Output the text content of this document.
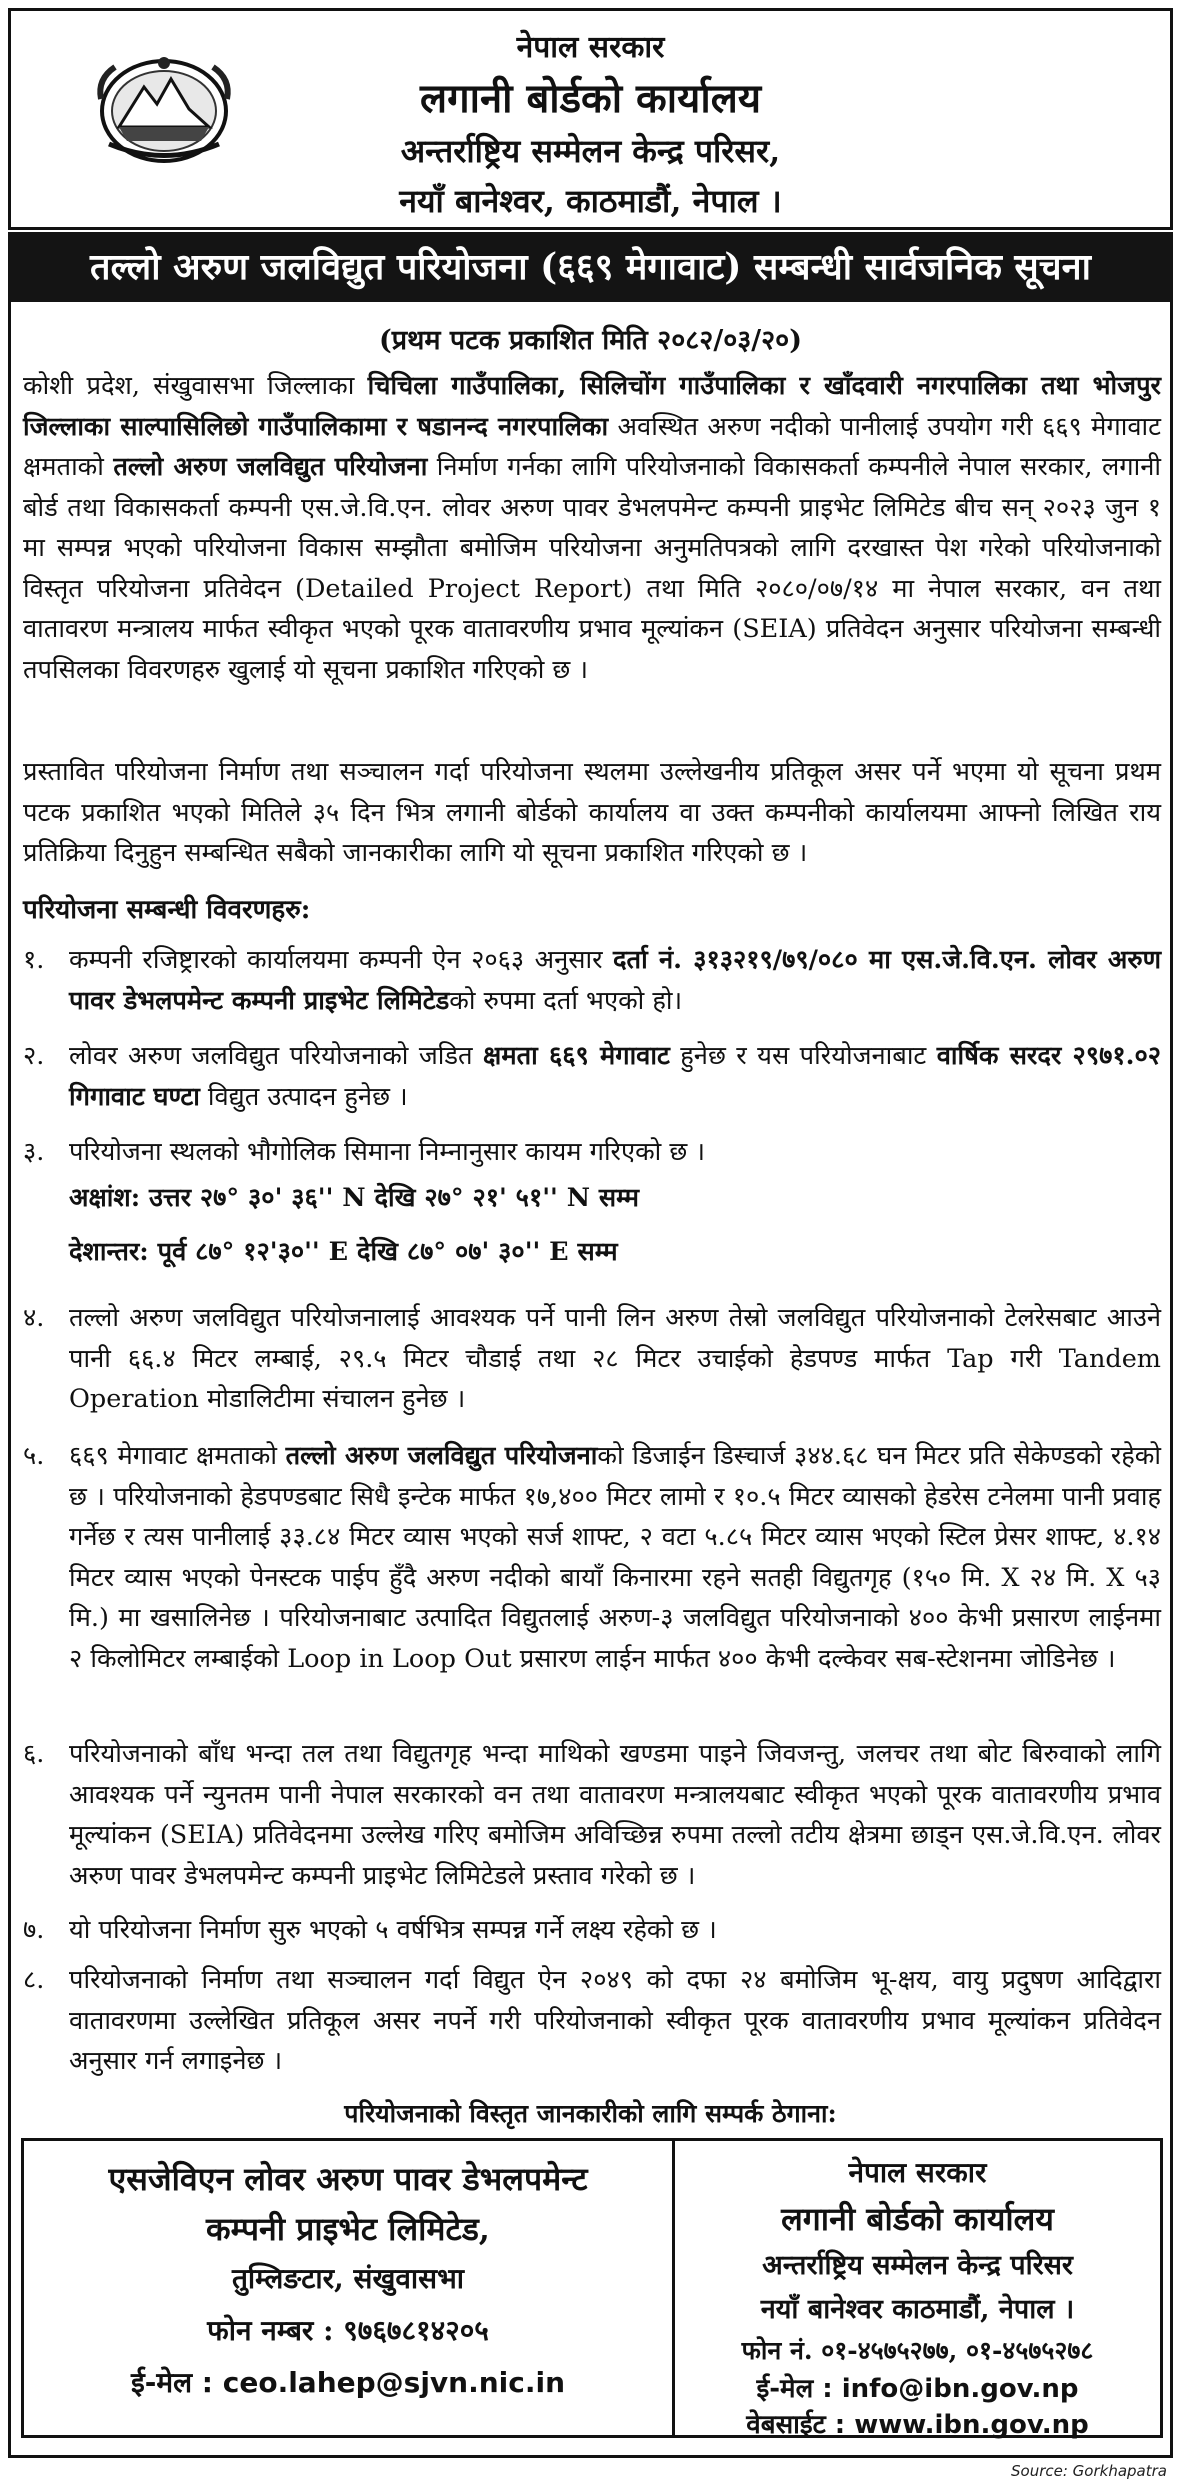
नेपाल सरकार
लगानी बोर्डको कार्यालय
अन्तर्राष्ट्रिय सम्मेलन केन्द्र परिसर,
नयाँ बानेश्वर, काठमाडौं, नेपाल ।
तल्लो अरुण जलविद्युत परियोजना (६६९ मेगावाट) सम्बन्धी सार्वजनिक सूचना
(प्रथम पटक प्रकाशित मिति २०८२/०३/२०)
कोशी प्रदेश, संखुवासभा जिल्लाका चिचिला गाउँपालिका, सिलिचोंग गाउँपालिका र खाँदवारी नगरपालिका तथा भोजपुर जिल्लाका साल्पासिलिछो गाउँपालिकामा र षडानन्द नगरपालिका अवस्थित अरुण नदीको पानीलाई उपयोग गरी ६६९ मेगावाट क्षमताको तल्लो अरुण जलविद्युत परियोजना निर्माण गर्नका लागि परियोजनाको विकासकर्ता कम्पनीले नेपाल सरकार, लगानी बोर्ड तथा विकासकर्ता कम्पनी एस.जे.वि.एन. लोवर अरुण पावर डेभलपमेन्ट कम्पनी प्राइभेट लिमिटेड बीच सन् २०२३ जुन १ मा सम्पन्न भएको परियोजना विकास सम्झौता बमोजिम परियोजना अनुमतिपत्रको लागि दरखास्त पेश गरेको परियोजनाको विस्तृत परियोजना प्रतिवेदन (Detailed Project Report) तथा मिति २०८०/०७/१४ मा नेपाल सरकार, वन तथा वातावरण मन्त्रालय मार्फत स्वीकृत भएको पूरक वातावरणीय प्रभाव मूल्यांकन (SEIA) प्रतिवेदन अनुसार परियोजना सम्बन्धी तपसिलका विवरणहरु खुलाई यो सूचना प्रकाशित गरिएको छ ।
प्रस्तावित परियोजना निर्माण तथा सञ्चालन गर्दा परियोजना स्थलमा उल्लेखनीय प्रतिकूल असर पर्ने भएमा यो सूचना प्रथम पटक प्रकाशित भएको मितिले ३५ दिन भित्र लगानी बोर्डको कार्यालय वा उक्त कम्पनीको कार्यालयमा आफ्नो लिखित राय प्रतिक्रिया दिनुहुन सम्बन्धित सबैको जानकारीका लागि यो सूचना प्रकाशित गरिएको छ ।
परियोजना सम्बन्धी विवरणहरु:
१. कम्पनी रजिष्ट्रारको कार्यालयमा कम्पनी ऐन २०६३ अनुसार दर्ता नं. ३१३२१९/७९/०८० मा एस.जे.वि.एन. लोवर अरुण पावर डेभलपमेन्ट कम्पनी प्राइभेट लिमिटेडको रुपमा दर्ता भएको हो।
२. लोवर अरुण जलविद्युत परियोजनाको जडित क्षमता ६६९ मेगावाट हुनेछ र यस परियोजनाबाट वार्षिक सरदर २९७१.०२ गिगावाट घण्टा विद्युत उत्पादन हुनेछ ।
३. परियोजना स्थलको भौगोलिक सिमाना निम्नानुसार कायम गरिएको छ ।
अक्षांश: उत्तर २७° ३०' ३६'' N देखि २७° २१' ५१'' N सम्म
देशान्तर: पूर्व ८७° १२'३०'' E देखि ८७° ०७' ३०'' E सम्म
४. तल्लो अरुण जलविद्युत परियोजनालाई आवश्यक पर्ने पानी लिन अरुण तेस्रो जलविद्युत परियोजनाको टेलरेसबाट आउने पानी ६६.४ मिटर लम्बाई, २९.५ मिटर चौडाई तथा २८ मिटर उचाईको हेडपण्ड मार्फत Tap गरी Tandem Operation मोडालिटीमा संचालन हुनेछ ।
५. ६६९ मेगावाट क्षमताको तल्लो अरुण जलविद्युत परियोजनाको डिजाईन डिस्चार्ज ३४४.६८ घन मिटर प्रति सेकेण्डको रहेको छ । परियोजनाको हेडपण्डबाट सिधै इन्टेक मार्फत १७,४०० मिटर लामो र १०.५ मिटर व्यासको हेडरेस टनेलमा पानी प्रवाह गर्नेछ र त्यस पानीलाई ३३.८४ मिटर व्यास भएको सर्ज शाफ्ट, २ वटा ५.८५ मिटर व्यास भएको स्टिल प्रेसर शाफ्ट, ४.१४ मिटर व्यास भएको पेनस्टक पाईप हुँदै अरुण नदीको बायाँ किनारमा रहने सतही विद्युतगृह (१५० मि. X २४ मि. X ५३ मि.) मा खसालिनेछ । परियोजनाबाट उत्पादित विद्युतलाई अरुण-३ जलविद्युत परियोजनाको ४०० केभी प्रसारण लाईनमा २ किलोमिटर लम्बाईको Loop in Loop Out प्रसारण लाईन मार्फत ४०० केभी दल्केवर सब-स्टेशनमा जोडिनेछ ।
६. परियोजनाको बाँध भन्दा तल तथा विद्युतगृह भन्दा माथिको खण्डमा पाइने जिवजन्तु, जलचर तथा बोट बिरुवाको लागि आवश्यक पर्ने न्युनतम पानी नेपाल सरकारको वन तथा वातावरण मन्त्रालयबाट स्वीकृत भएको पूरक वातावरणीय प्रभाव मूल्यांकन (SEIA) प्रतिवेदनमा उल्लेख गरिए बमोजिम अविच्छिन्न रुपमा तल्लो तटीय क्षेत्रमा छाड्न एस.जे.वि.एन. लोवर अरुण पावर डेभलपमेन्ट कम्पनी प्राइभेट लिमिटेडले प्रस्ताव गरेको छ ।
७. यो परियोजना निर्माण सुरु भएको ५ वर्षभित्र सम्पन्न गर्ने लक्ष्य रहेको छ ।
८. परियोजनाको निर्माण तथा सञ्चालन गर्दा विद्युत ऐन २०४९ को दफा २४ बमोजिम भू-क्षय, वायु प्रदुषण आदिद्वारा वातावरणमा उल्लेखित प्रतिकूल असर नपर्ने गरी परियोजनाको स्वीकृत पूरक वातावरणीय प्रभाव मूल्यांकन प्रतिवेदन अनुसार गर्न लगाइनेछ ।
परियोजनाको विस्तृत जानकारीको लागि सम्पर्क ठेगाना:
एसजेविएन लोवर अरुण पावर डेभलपमेन्ट
कम्पनी प्राइभेट लिमिटेड,
तुम्लिङटार, संखुवासभा
फोन नम्बर : ९७६७८१४२०५
ई-मेल : ceo.lahep@sjvn.nic.in
नेपाल सरकार
लगानी बोर्डको कार्यालय
अन्तर्राष्ट्रिय सम्मेलन केन्द्र परिसर
नयाँ बानेश्वर काठमाडौं, नेपाल ।
फोन नं. ०१-४५७५२७७, ०१-४५७५२७८
ई-मेल : info@ibn.gov.np
वेबसाईट : www.ibn.gov.np
Source: Gorkhapatra
